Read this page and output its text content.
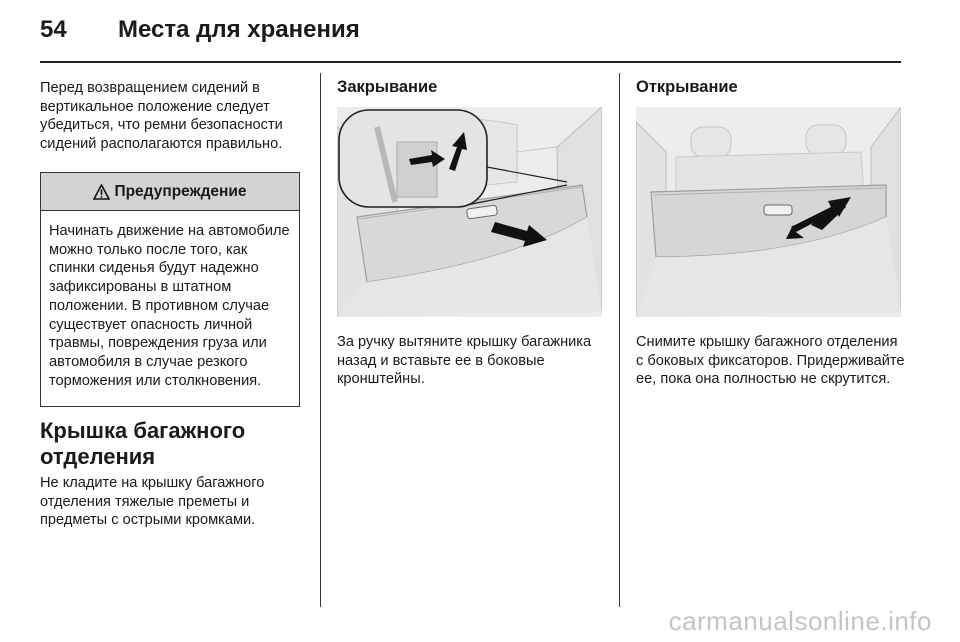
54 Места для хранения

Перед возвращением сидений в вертикальное положение следует убедиться, что ремни безопасности сидений располагаются правильно.

Предупреждение
Начинать движение на автомобиле можно только после того, как спинки сиденья будут надежно зафиксированы в штатном положении. В противном случае существует опасность личной травмы, повреждения груза или автомобиля в случае резкого торможения или столкновения.
Крышка багажного отделения

Не кладите на крышку багажного отделения тяжелые преметы и предметы с острыми кромками.

Закрывание

За ручку вытяните крышку багажника назад и вставьте ее в боковые кронштейны.

Открывание

Снимите крышку багажного отделения с боковых фиксаторов. Придерживайте ее, пока она полностью не скрутится.

carmanualsonline.info
